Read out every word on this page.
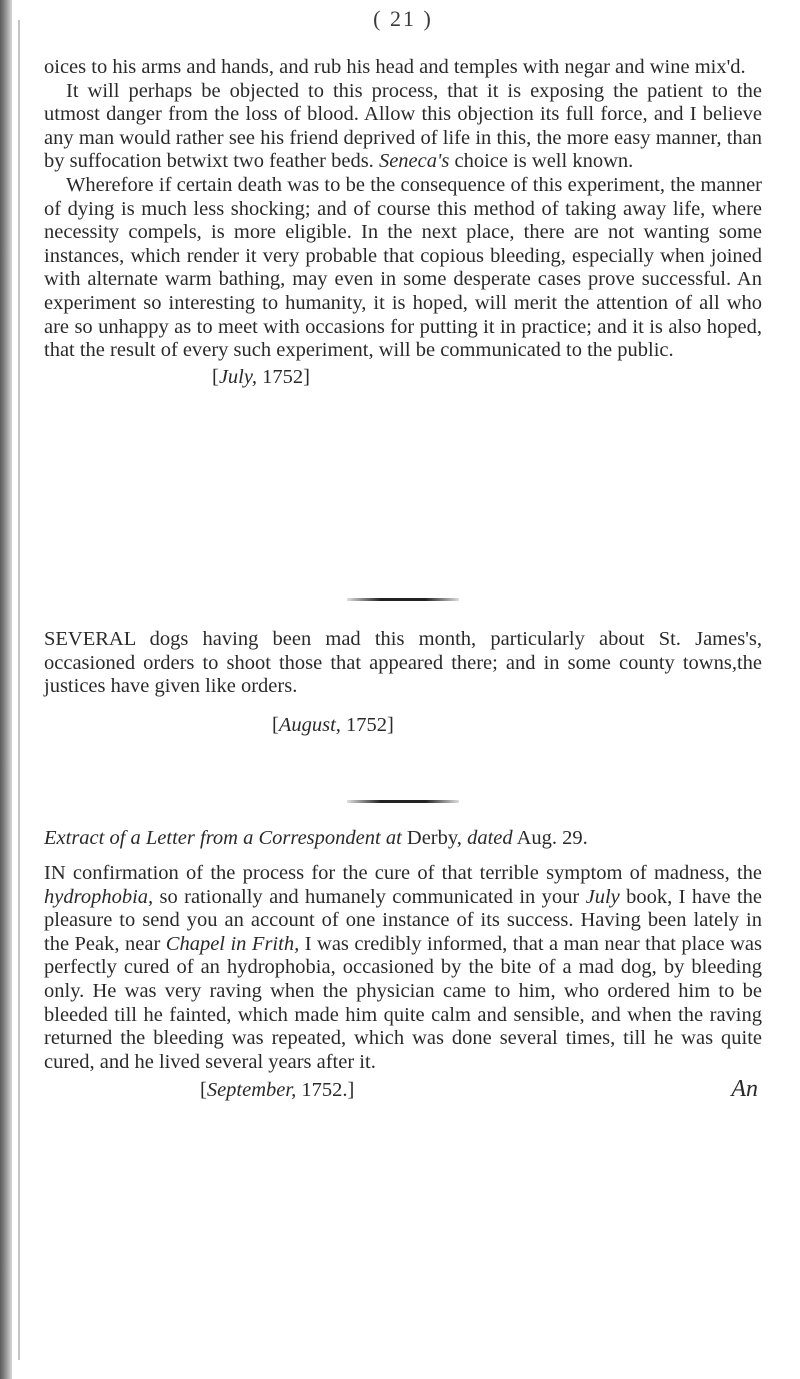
( 21 )

oices to his arms and hands, and rub his head and temples with negar and wine mix'd.

It will perhaps be objected to this process, that it is exposing the patient to the utmost danger from the loss of blood. Allow this objection its full force, and I believe any man would rather see his friend deprived of life in this, the more easy manner, than by suffocation betwixt two feather beds. Seneca's choice is well known.

Wherefore if certain death was to be the consequence of this experiment, the manner of dying is much less shocking; and of course this method of taking away life, where necessity compels, is more eligible. In the next place, there are not wanting some instances, which render it very probable that copious bleeding, especially when joined with alternate warm bathing, may even in some desperate cases prove successful. An experiment so interesting to humanity, it is hoped, will merit the attention of all who are so unhappy as to meet with occasions for putting it in practice; and it is also hoped, that the result of every such experiment, will be communicated to the public.

[July, 1752]

SEVERAL dogs having been mad this month, particularly about St. James's, occasioned orders to shoot those that appeared there; and in some county towns,the justices have given like orders.

[August, 1752]
Extract of a Letter from a Correspondent at Derby, dated Aug. 29.

IN confirmation of the process for the cure of that terrible symptom of madness, the hydrophobia, so rationally and humanely communicated in your July book, I have the pleasure to send you an account of one instance of its success. Having been lately in the Peak, near Chapel in Frith, I was credibly informed, that a man near that place was perfectly cured of an hydrophobia, occasioned by the bite of a mad dog, by bleeding only. He was very raving when the physician came to him, who ordered him to be bleeded till he fainted, which made him quite calm and sensible, and when the raving returned the bleeding was repeated, which was done several times, till he was quite cured, and he lived several years after it.

[September, 1752.]	An
